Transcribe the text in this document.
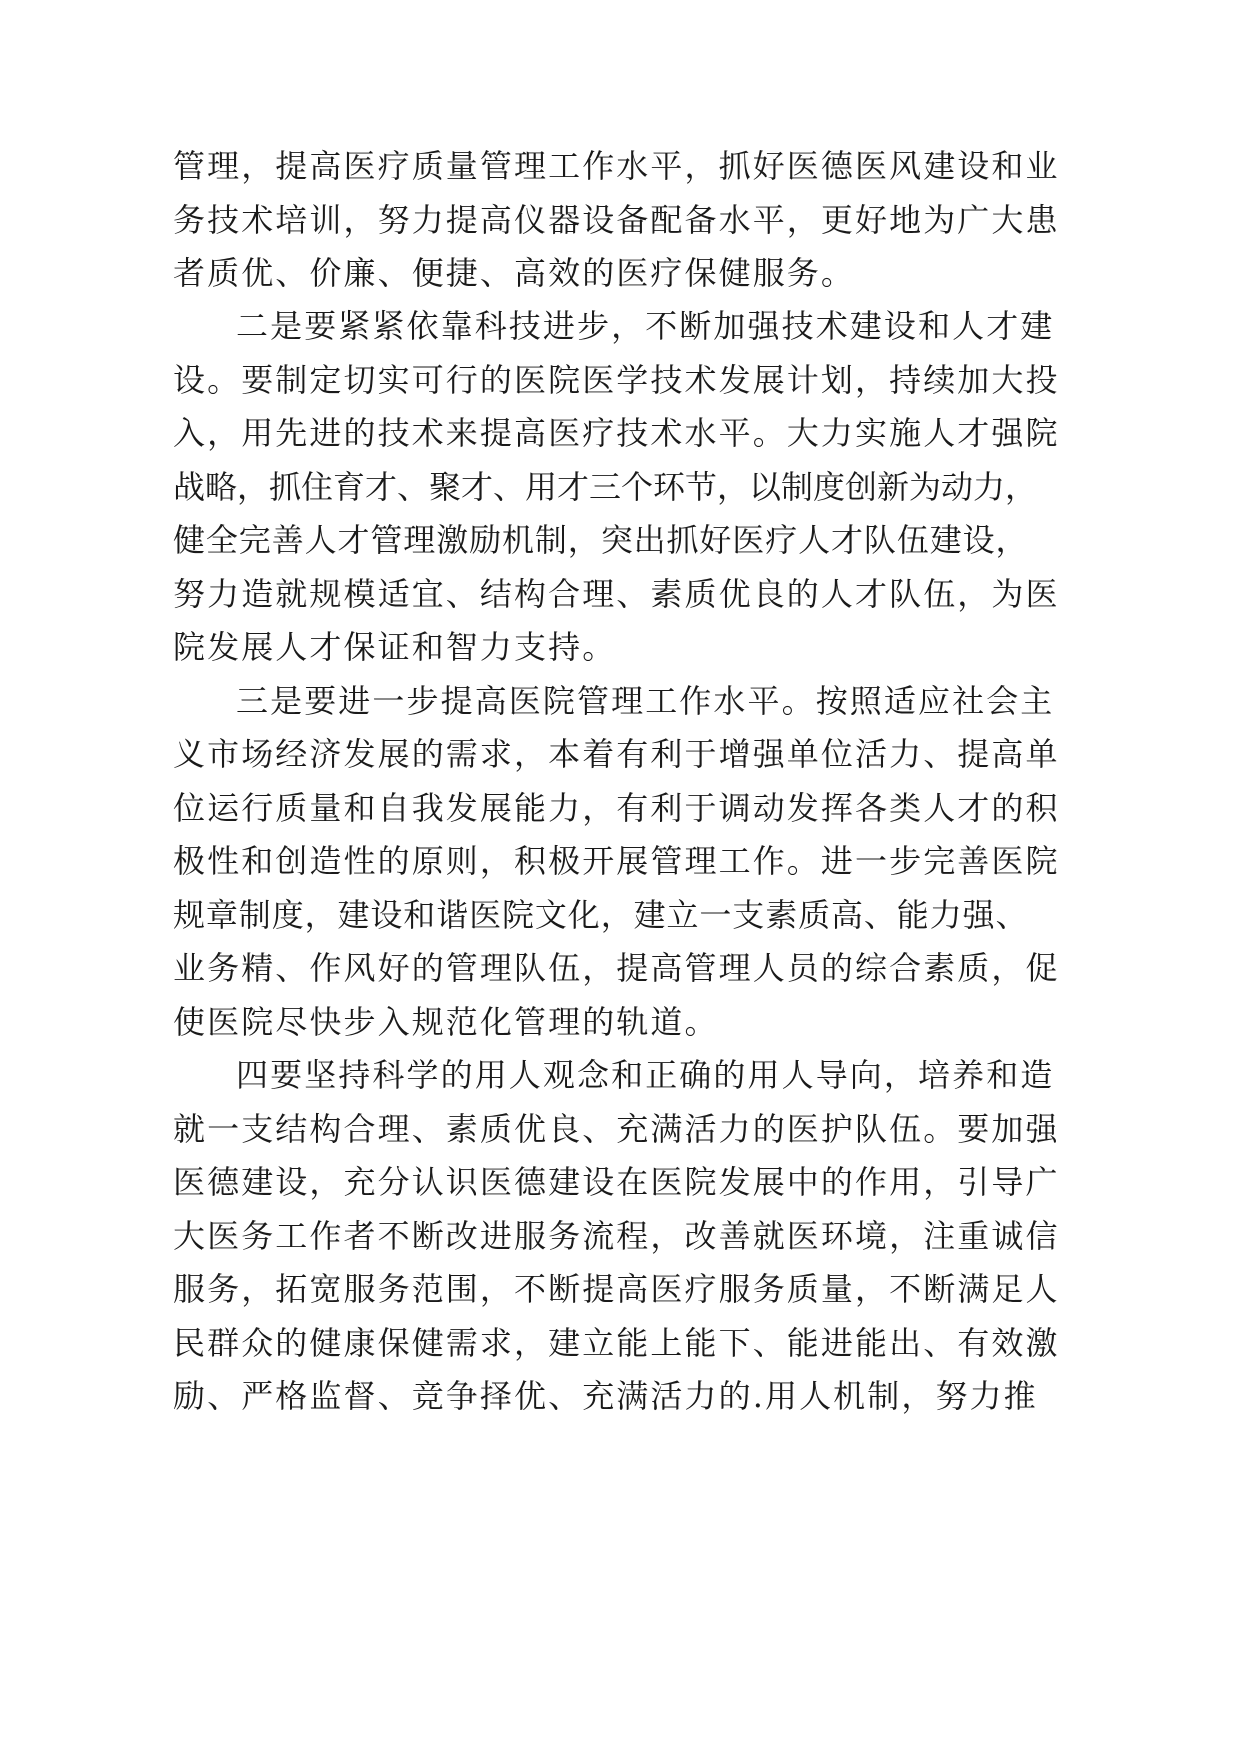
管理，提高医疗质量管理工作水平，抓好医德医风建设和业
务技术培训，努力提高仪器设备配备水平，更好地为广大患
者质优、价廉、便捷、高效的医疗保健服务。
二是要紧紧依靠科技进步，不断加强技术建设和人才建
设。要制定切实可行的医院医学技术发展计划，持续加大投
入，用先进的技术来提高医疗技术水平。大力实施人才强院
战略，抓住育才、聚才、用才三个环节，以制度创新为动力，
健全完善人才管理激励机制，突出抓好医疗人才队伍建设，
努力造就规模适宜、结构合理、素质优良的人才队伍，为医
院发展人才保证和智力支持。
三是要进一步提高医院管理工作水平。按照适应社会主
义市场经济发展的需求，本着有利于增强单位活力、提高单
位运行质量和自我发展能力，有利于调动发挥各类人才的积
极性和创造性的原则，积极开展管理工作。进一步完善医院
规章制度，建设和谐医院文化，建立一支素质高、能力强、
业务精、作风好的管理队伍，提高管理人员的综合素质，促
使医院尽快步入规范化管理的轨道。
四要坚持科学的用人观念和正确的用人导向，培养和造
就一支结构合理、素质优良、充满活力的医护队伍。要加强
医德建设，充分认识医德建设在医院发展中的作用，引导广
大医务工作者不断改进服务流程，改善就医环境，注重诚信
服务，拓宽服务范围，不断提高医疗服务质量，不断满足人
民群众的健康保健需求，建立能上能下、能进能出、有效激
励、严格监督、竞争择优、充满活力的.用人机制，努力推
